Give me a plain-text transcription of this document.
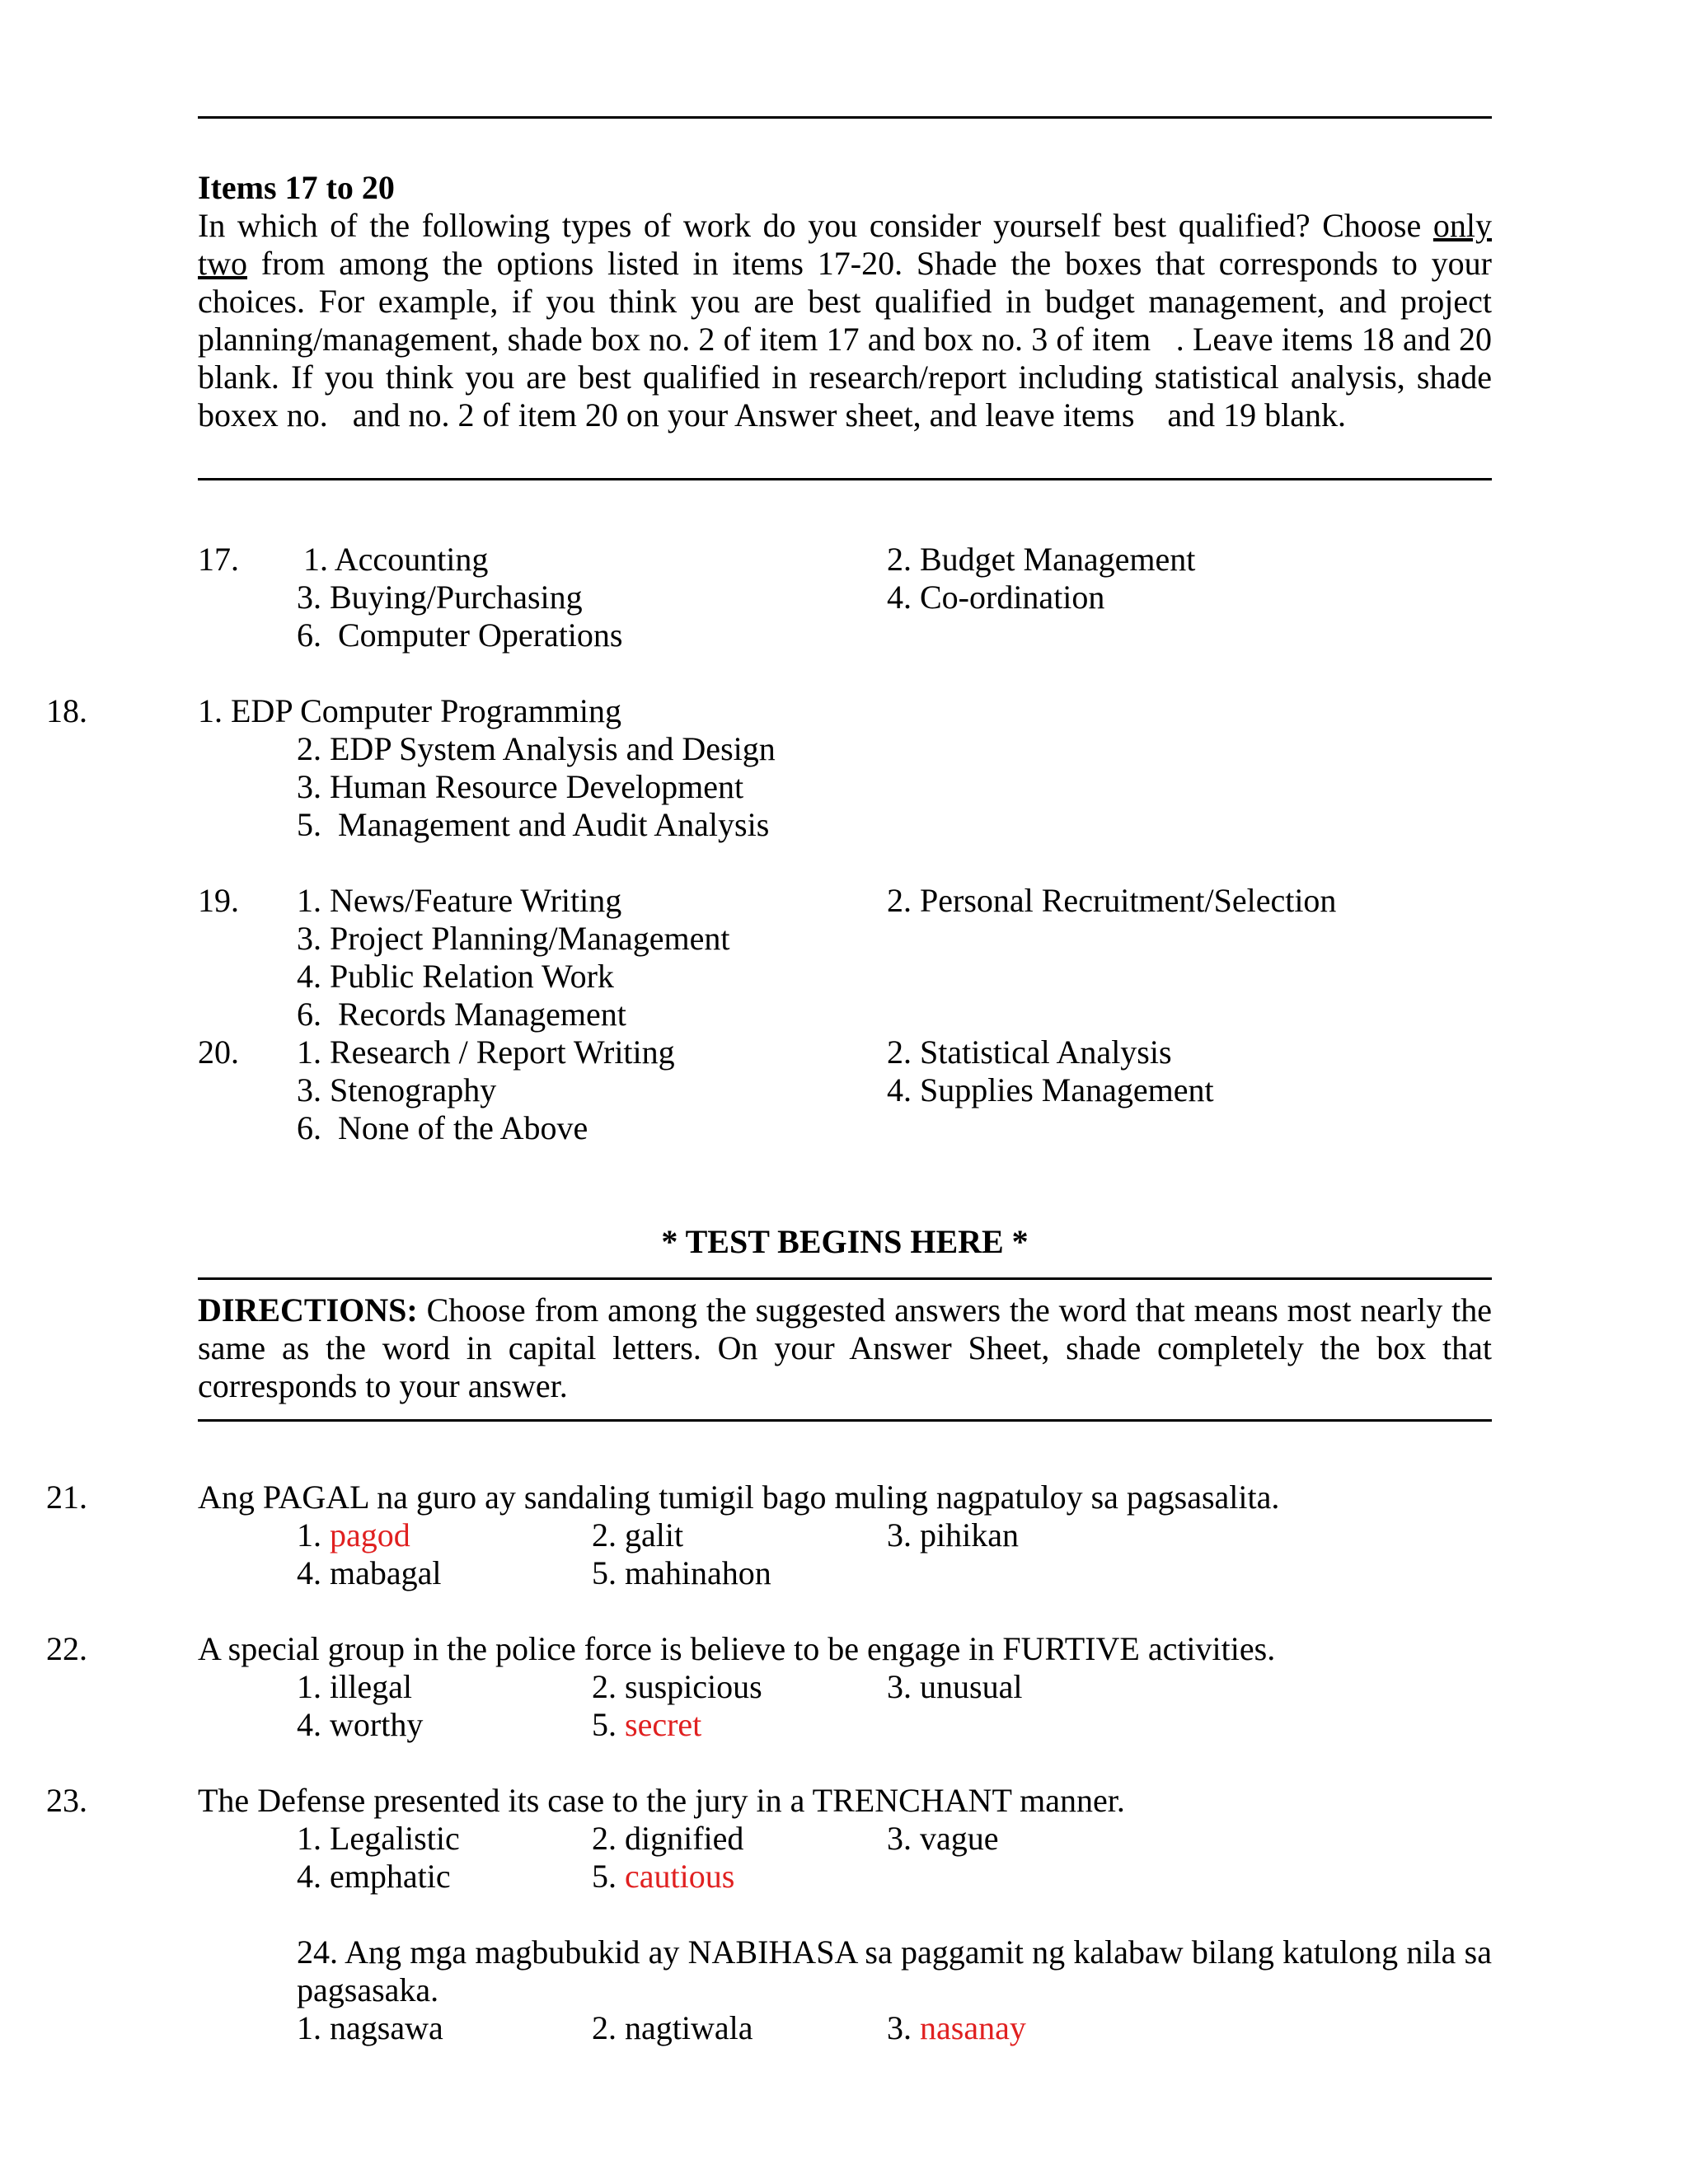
Items 17 to 20
In which of the following types of work do you consider yourself best qualified? Choose only two from among the options listed in items 17-20. Shade the boxes that corresponds to your choices. For example, if you think you are best qualified in budget management, and project planning/management, shade box no. 2 of item 17 and box no. 3 of item   . Leave items 18 and 20 blank. If you think you are best qualified in research/report including statistical analysis, shade boxex no.   and no. 2 of item 20 on your Answer sheet, and leave items    and 19 blank.
17. 1. Accounting	2. Budget Management
3. Buying/Purchasing	4. Co-ordination
6.  Computer Operations
18.	1. EDP Computer Programming
2. EDP System Analysis and Design
3. Human Resource Development
5.  Management and Audit Analysis
19. 1. News/Feature Writing	2. Personal Recruitment/Selection
3. Project Planning/Management
4. Public Relation Work
6.  Records Management
20. 1. Research / Report Writing	2. Statistical Analysis
3. Stenography	4. Supplies Management
6.  None of the Above
* TEST BEGINS HERE *
DIRECTIONS: Choose from among the suggested answers the word that means most nearly the same as the word in capital letters. On your Answer Sheet, shade completely the box that corresponds to your answer.
21.	Ang PAGAL na guro ay sandaling tumigil bago muling nagpatuloy sa pagsasalita.
1. pagod	2. galit	3. pihikan
4. mabagal	5. mahinahon
22.	A special group in the police force is believe to be engage in FURTIVE activities.
1. illegal	2. suspicious	3. unusual
4. worthy	5. secret
23.	The Defense presented its case to the jury in a TRENCHANT manner.
1. Legalistic	2. dignified	3. vague
4. emphatic	5. cautious
24. Ang mga magbubukid ay NABIHASA sa paggamit ng kalabaw bilang katulong nila sa pagsasaka.
1. nagsawa	2. nagtiwala	3. nasanay
